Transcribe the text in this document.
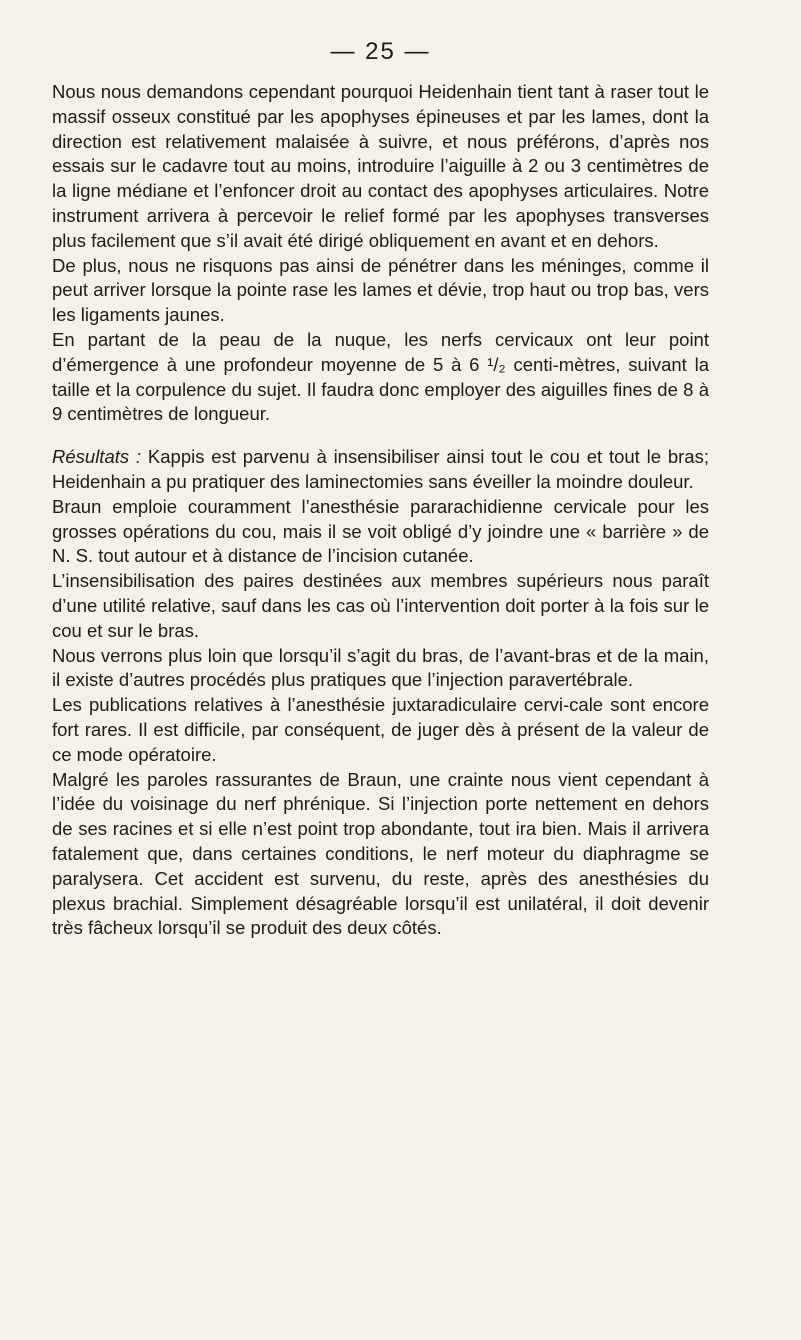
— 25 —

Nous nous demandons cependant pourquoi Heidenhain tient tant à raser tout le massif osseux constitué par les apophyses épineuses et par les lames, dont la direction est relativement malaisée à suivre, et nous préférons, d’après nos essais sur le cadavre tout au moins, introduire l’aiguille à 2 ou 3 centimètres de la ligne médiane et l’enfoncer droit au contact des apophyses articulaires. Notre instrument arrivera à percevoir le relief formé par les apophyses transverses plus facilement que s’il avait été dirigé obliquement en avant et en dehors.

De plus, nous ne risquons pas ainsi de pénétrer dans les méninges, comme il peut arriver lorsque la pointe rase les lames et dévie, trop haut ou trop bas, vers les ligaments jaunes.

En partant de la peau de la nuque, les nerfs cervicaux ont leur point d’émergence à une profondeur moyenne de 5 à 6 ¹/₂ centi-mètres, suivant la taille et la corpulence du sujet. Il faudra donc employer des aiguilles fines de 8 à 9 centimètres de longueur.

Résultats : Kappis est parvenu à insensibiliser ainsi tout le cou et tout le bras; Heidenhain a pu pratiquer des laminectomies sans éveiller la moindre douleur.

Braun emploie couramment l’anesthésie pararachidienne cervicale pour les grosses opérations du cou, mais il se voit obligé d’y joindre une « barrière » de N. S. tout autour et à distance de l’incision cutanée.

L’insensibilisation des paires destinées aux membres supérieurs nous paraît d’une utilité relative, sauf dans les cas où l’intervention doit porter à la fois sur le cou et sur le bras.

Nous verrons plus loin que lorsqu’il s’agit du bras, de l’avant-bras et de la main, il existe d’autres procédés plus pratiques que l’injection paravertébrale.

Les publications relatives à l’anesthésie juxtaradiculaire cervi-cale sont encore fort rares. Il est difficile, par conséquent, de juger dès à présent de la valeur de ce mode opératoire.

Malgré les paroles rassurantes de Braun, une crainte nous vient cependant à l’idée du voisinage du nerf phrénique. Si l’injection porte nettement en dehors de ses racines et si elle n’est point trop abondante, tout ira bien. Mais il arrivera fatalement que, dans certaines conditions, le nerf moteur du diaphragme se paralysera. Cet accident est survenu, du reste, après des anesthésies du plexus brachial. Simplement désagréable lorsqu’il est unilatéral, il doit devenir très fâcheux lorsqu’il se produit des deux côtés.
